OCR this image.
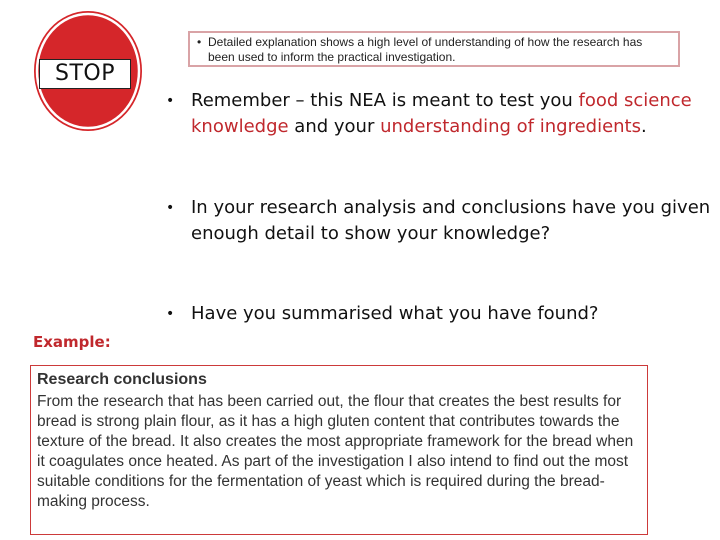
STOP
• Detailed explanation shows a high level of understanding of how the research has been used to inform the practical investigation.
• Remember – this NEA is meant to test you food science knowledge and your understanding of ingredients.
• In your research analysis and conclusions have you given enough detail to show your knowledge?
• Have you summarised what you have found?
Example:
Research conclusions
From the research that has been carried out, the flour that creates the best results for bread is strong plain flour, as it has a high gluten content that contributes towards the texture of the bread. It also creates the most appropriate framework for the bread when it coagulates once heated. As part of the investigation I also intend to find out the most suitable conditions for the fermentation of yeast which is required during the bread-making process.
